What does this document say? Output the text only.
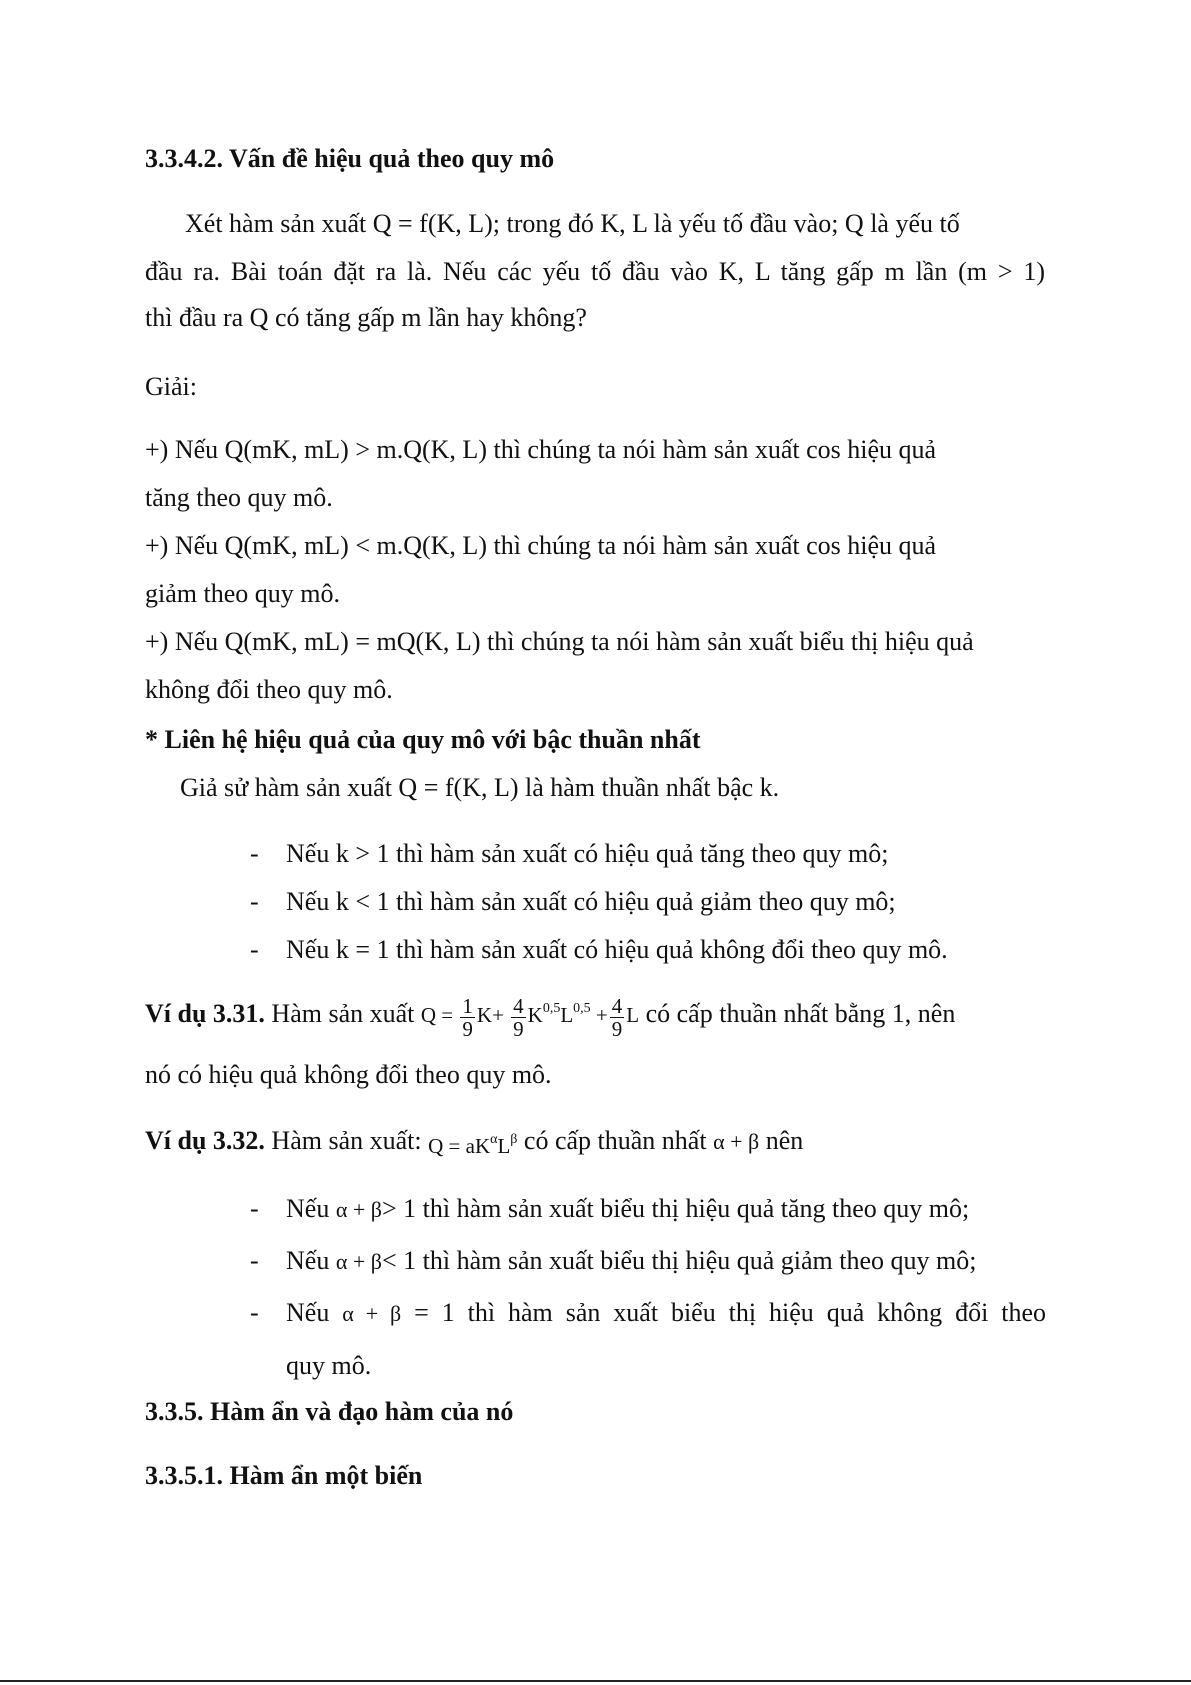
3.3.4.2. Vấn đề hiệu quả theo quy mô
Xét hàm sản xuất Q = f(K, L); trong đó K, L là yếu tố đầu vào; Q là yếu tố
đầu ra. Bài toán đặt ra là. Nếu các yếu tố đầu vào K, L tăng gấp m lần (m > 1)
thì đầu ra Q có tăng gấp m lần hay không?
Giải:
+) Nếu Q(mK, mL) > m.Q(K, L) thì chúng ta nói hàm sản xuất cos hiệu quả
tăng theo quy mô.
+) Nếu Q(mK, mL) < m.Q(K, L) thì chúng ta nói hàm sản xuất cos hiệu quả
giảm theo quy mô.
+) Nếu Q(mK, mL) = mQ(K, L) thì chúng ta nói hàm sản xuất biểu thị hiệu quả
không đổi theo quy mô.
* Liên hệ hiệu quả của quy mô với bậc thuần nhất
Giả sử hàm sản xuất Q = f(K, L) là hàm thuần nhất bậc k.
- Nếu k > 1 thì hàm sản xuất có hiệu quả tăng theo quy mô;
- Nếu k < 1 thì hàm sản xuất có hiệu quả giảm theo quy mô;
- Nếu k = 1 thì hàm sản xuất có hiệu quả không đổi theo quy mô.
Ví dụ 3.31. Hàm sản xuất $Q = \frac{1}{9} K+ \frac{4}{9} K^{0,5}L^{0,5} + \frac{4}{9}$ L có cấp thuần nhất bằng 1, nên
nó có hiệu quả không đổi theo quy mô.
Ví dụ 3.32. Hàm sản xuất: $Q = aK^\alpha L^\beta$ có cấp thuần nhất α + β nên
- Nếu α + β> 1 thì hàm sản xuất biểu thị hiệu quả tăng theo quy mô;
- Nếu α + β< 1 thì hàm sản xuất biểu thị hiệu quả giảm theo quy mô;
- Nếu α + β = 1 thì hàm sản xuất biểu thị hiệu quả không đổi theo
quy mô.
3.3.5. Hàm ẩn và đạo hàm của nó
3.3.5.1. Hàm ẩn một biến
